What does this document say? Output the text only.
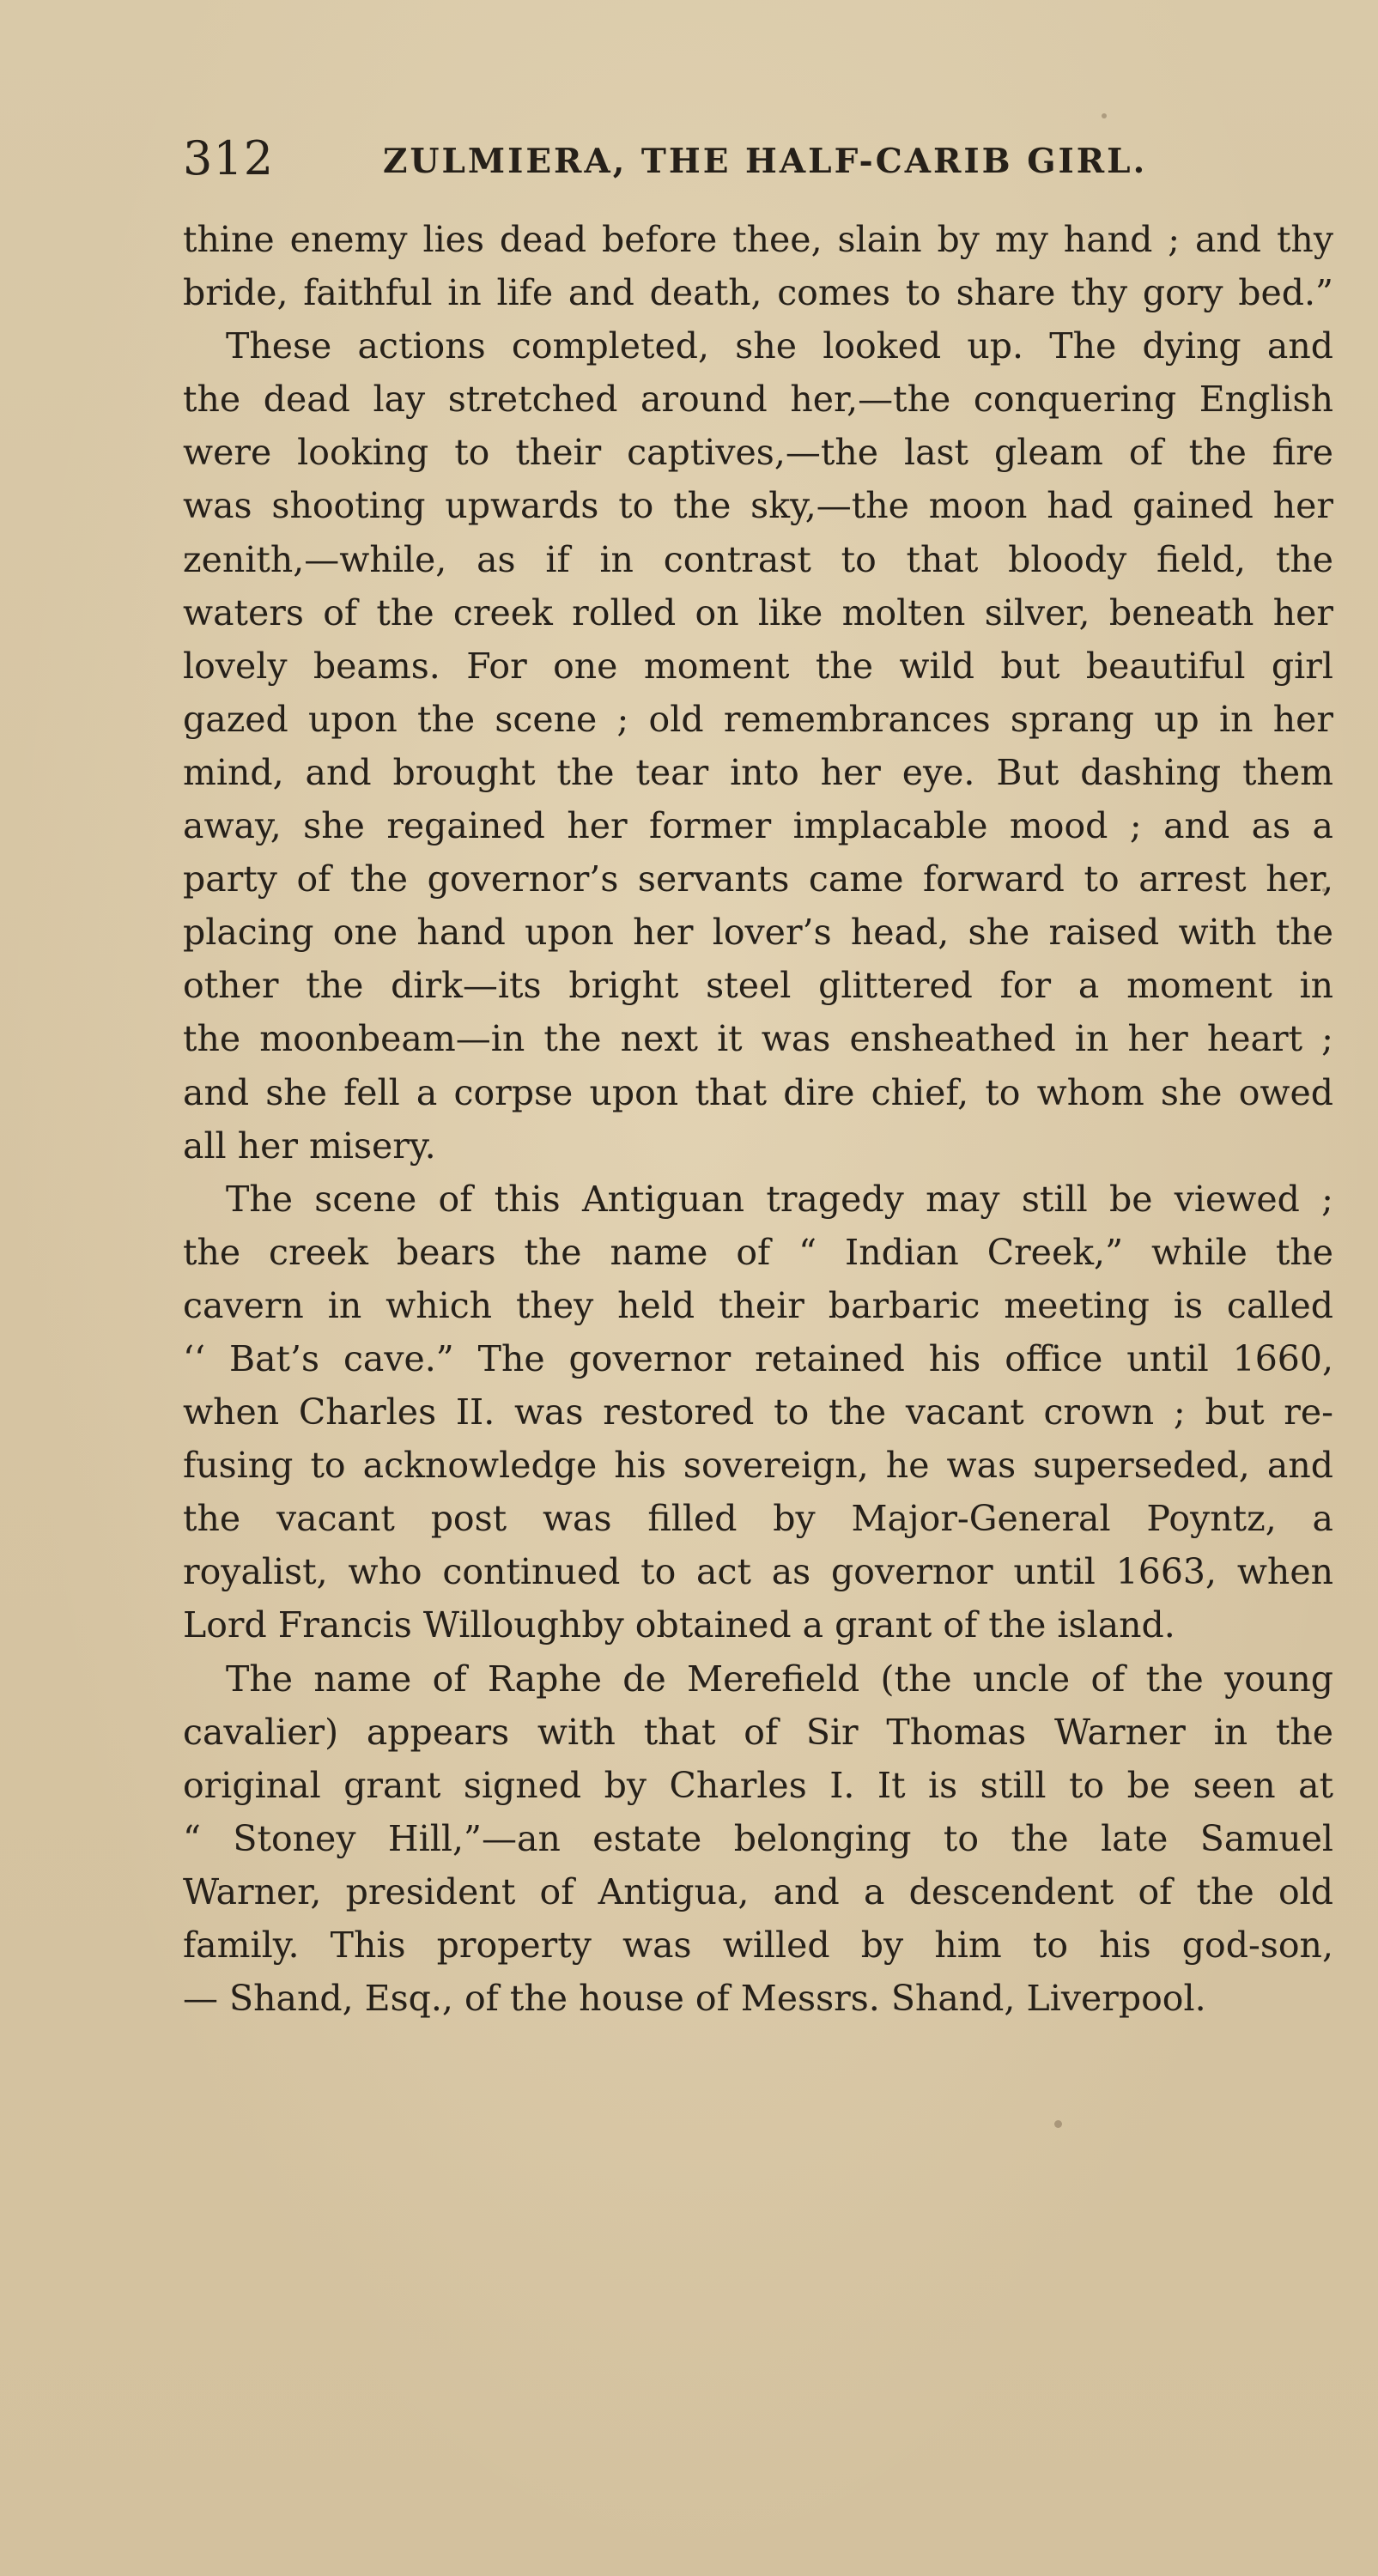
312	ZULMIERA, THE HALF-CARIB GIRL.
thine enemy lies dead before thee, slain by my hand ; and thy
bride, faithful in life and death, comes to share thy gory bed.”
These actions completed, she looked up. The dying and
the dead lay stretched around her,—the conquering English
were looking to their captives,—the last gleam of the fire
was shooting upwards to the sky,—the moon had gained her
zenith,—while, as if in contrast to that bloody field, the
waters of the creek rolled on like molten silver, beneath her
lovely beams. For one moment the wild but beautiful girl
gazed upon the scene ; old remembrances sprang up in her
mind, and brought the tear into her eye. But dashing them
away, she regained her former implacable mood ; and as a
party of the governor’s servants came forward to arrest her,
placing one hand upon her lover’s head, she raised with the
other the dirk—its bright steel glittered for a moment in
the moonbeam—in the next it was ensheathed in her heart ;
and she fell a corpse upon that dire chief, to whom she owed
all her misery.
The scene of this Antiguan tragedy may still be viewed ;
the creek bears the name of “ Indian Creek,” while the
cavern in which they held their barbaric meeting is called
‘‘ Bat’s cave.” The governor retained his office until 1660,
when Charles II. was restored to the vacant crown ; but re-
fusing to acknowledge his sovereign, he was superseded, and
the vacant post was filled by Major-General Poyntz, a
royalist, who continued to act as governor until 1663, when
Lord Francis Willoughby obtained a grant of the island.
The name of Raphe de Merefield (the uncle of the young
cavalier) appears with that of Sir Thomas Warner in the
original grant signed by Charles I. It is still to be seen at
“ Stoney Hill,”—an estate belonging to the late Samuel
Warner, president of Antigua, and a descendent of the old
family. This property was willed by him to his god-son,
— Shand, Esq., of the house of Messrs. Shand, Liverpool.
